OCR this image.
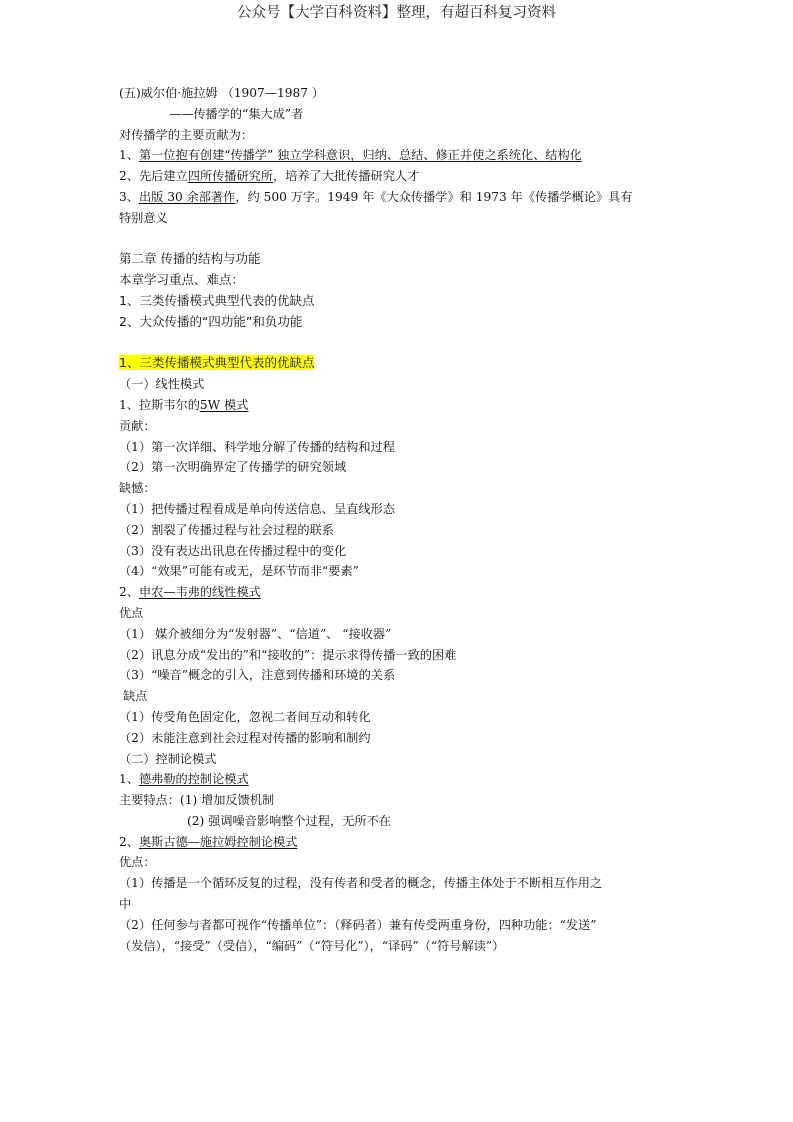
公众号【大学百科资料】整理，有超百科复习资料
(五)威尔伯·施拉姆 （1907—1987 ）
——传播学的“集大成”者
对传播学的主要贡献为：
1、第一位抱有创建“传播学” 独立学科意识，归纳、总结、修正并使之系统化、结构化
2、先后建立四所传播研究所，培养了大批传播研究人才
3、出版 30 余部著作，约 500 万字。1949 年《大众传播学》和 1973 年《传播学概论》具有
特别意义
第二章 传播的结构与功能
本章学习重点、难点：
1、三类传播模式典型代表的优缺点
2、大众传播的“四功能”和负功能
1、三类传播模式典型代表的优缺点
（一）线性模式
1、拉斯韦尔的5W 模式
贡献：
（1）第一次详细、科学地分解了传播的结构和过程
（2）第一次明确界定了传播学的研究领域
缺憾：
（1）把传播过程看成是单向传送信息、呈直线形态
（2）割裂了传播过程与社会过程的联系
（3）没有表达出讯息在传播过程中的变化
（4）“效果”可能有或无，是环节而非“要素”
2、申农—韦弗的线性模式
优点
（1） 媒介被细分为“发射器”、“信道”、 “接收器”
（2）讯息分成“发出的”和“接收的”：提示求得传播一致的困难
（3）“噪音”概念的引入，注意到传播和环境的关系
缺点
（1）传受角色固定化，忽视二者间互动和转化
（2）未能注意到社会过程对传播的影响和制约
（二）控制论模式
1、德弗勒的控制论模式
主要特点：(1) 增加反馈机制
(2) 强调噪音影响整个过程，无所不在
2、奥斯古德—施拉姆控制论模式
优点：
（1）传播是一个循环反复的过程，没有传者和受者的概念，传播主体处于不断相互作用之
中
（2）任何参与者都可视作“传播单位”：（释码者）兼有传受两重身份，四种功能：“发送”
（发信），“接受”（受信），“编码”（“符号化”），“译码”（“符号解读”）
